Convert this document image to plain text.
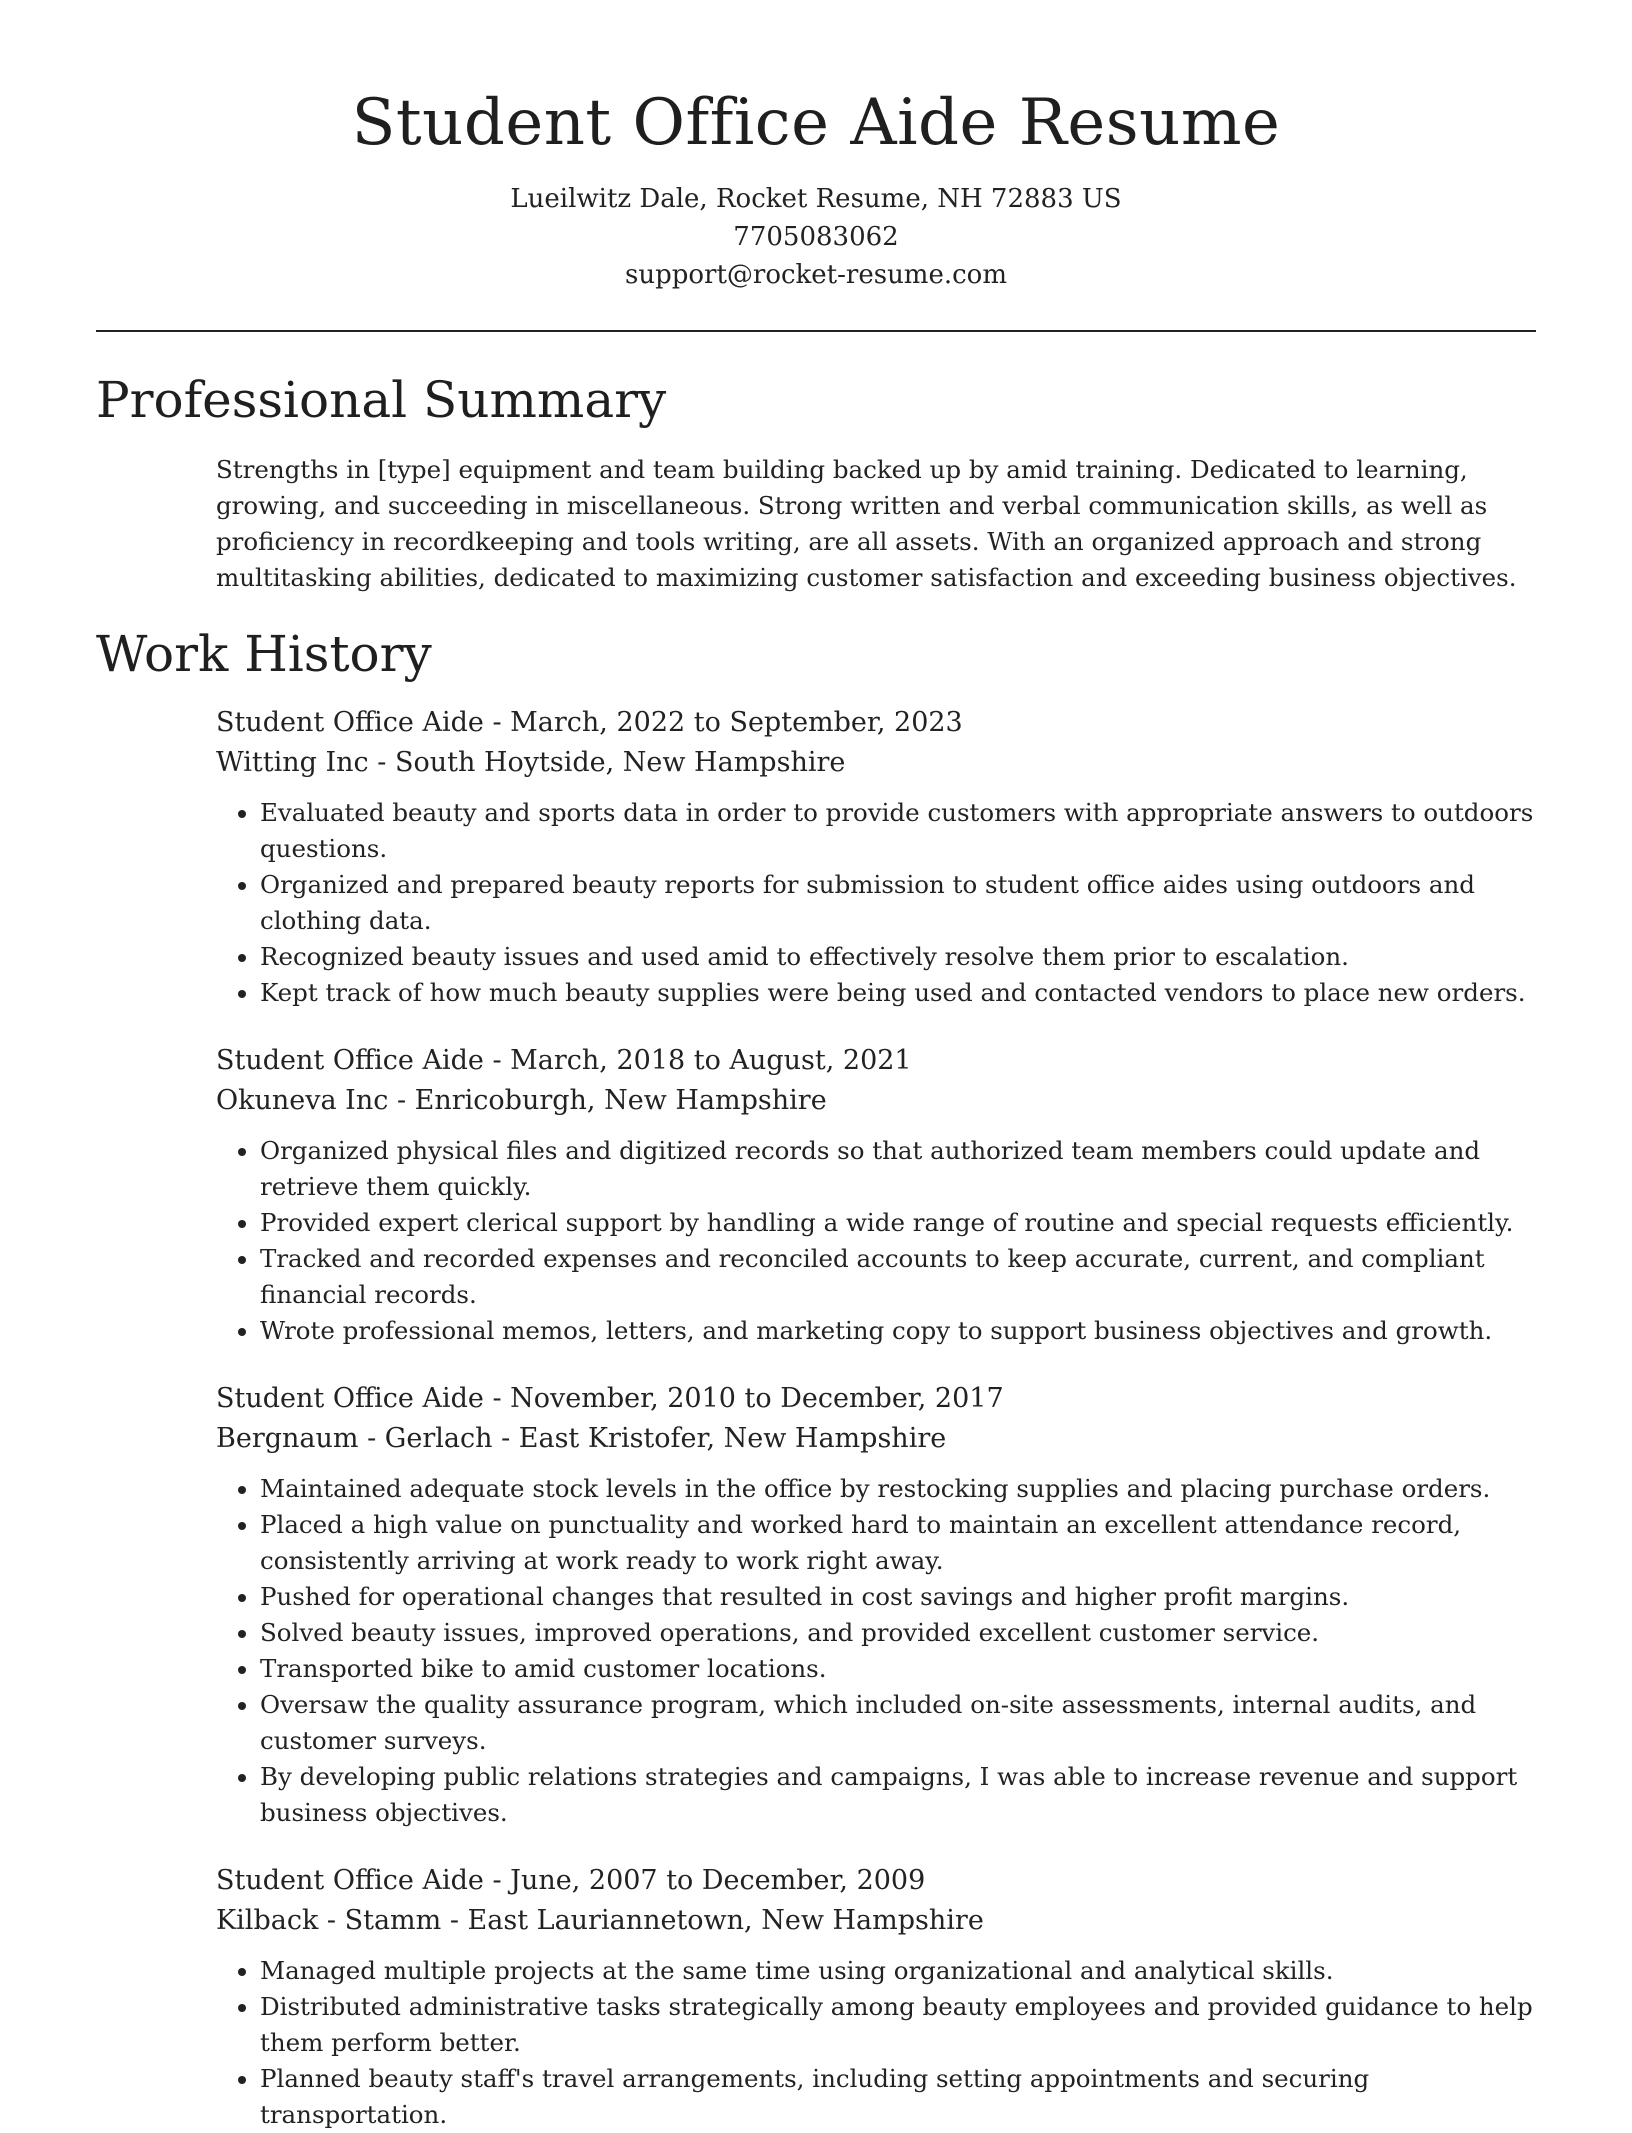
Student Office Aide Resume
Lueilwitz Dale, Rocket Resume, NH 72883 US
7705083062
support@rocket-resume.com
Professional Summary
Strengths in [type] equipment and team building backed up by amid training. Dedicated to learning, growing, and succeeding in miscellaneous. Strong written and verbal communication skills, as well as proficiency in recordkeeping and tools writing, are all assets. With an organized approach and strong multitasking abilities, dedicated to maximizing customer satisfaction and exceeding business objectives.
Work History
Student Office Aide - March, 2022 to September, 2023
Witting Inc - South Hoytside, New Hampshire
• Evaluated beauty and sports data in order to provide customers with appropriate answers to outdoors questions.
• Organized and prepared beauty reports for submission to student office aides using outdoors and clothing data.
• Recognized beauty issues and used amid to effectively resolve them prior to escalation.
• Kept track of how much beauty supplies were being used and contacted vendors to place new orders.
Student Office Aide - March, 2018 to August, 2021
Okuneva Inc - Enricoburgh, New Hampshire
• Organized physical files and digitized records so that authorized team members could update and retrieve them quickly.
• Provided expert clerical support by handling a wide range of routine and special requests efficiently.
• Tracked and recorded expenses and reconciled accounts to keep accurate, current, and compliant financial records.
• Wrote professional memos, letters, and marketing copy to support business objectives and growth.
Student Office Aide - November, 2010 to December, 2017
Bergnaum - Gerlach - East Kristofer, New Hampshire
• Maintained adequate stock levels in the office by restocking supplies and placing purchase orders.
• Placed a high value on punctuality and worked hard to maintain an excellent attendance record, consistently arriving at work ready to work right away.
• Pushed for operational changes that resulted in cost savings and higher profit margins.
• Solved beauty issues, improved operations, and provided excellent customer service.
• Transported bike to amid customer locations.
• Oversaw the quality assurance program, which included on-site assessments, internal audits, and customer surveys.
• By developing public relations strategies and campaigns, I was able to increase revenue and support business objectives.
Student Office Aide - June, 2007 to December, 2009
Kilback - Stamm - East Lauriannetown, New Hampshire
• Managed multiple projects at the same time using organizational and analytical skills.
• Distributed administrative tasks strategically among beauty employees and provided guidance to help them perform better.
• Planned beauty staff's travel arrangements, including setting appointments and securing transportation.
